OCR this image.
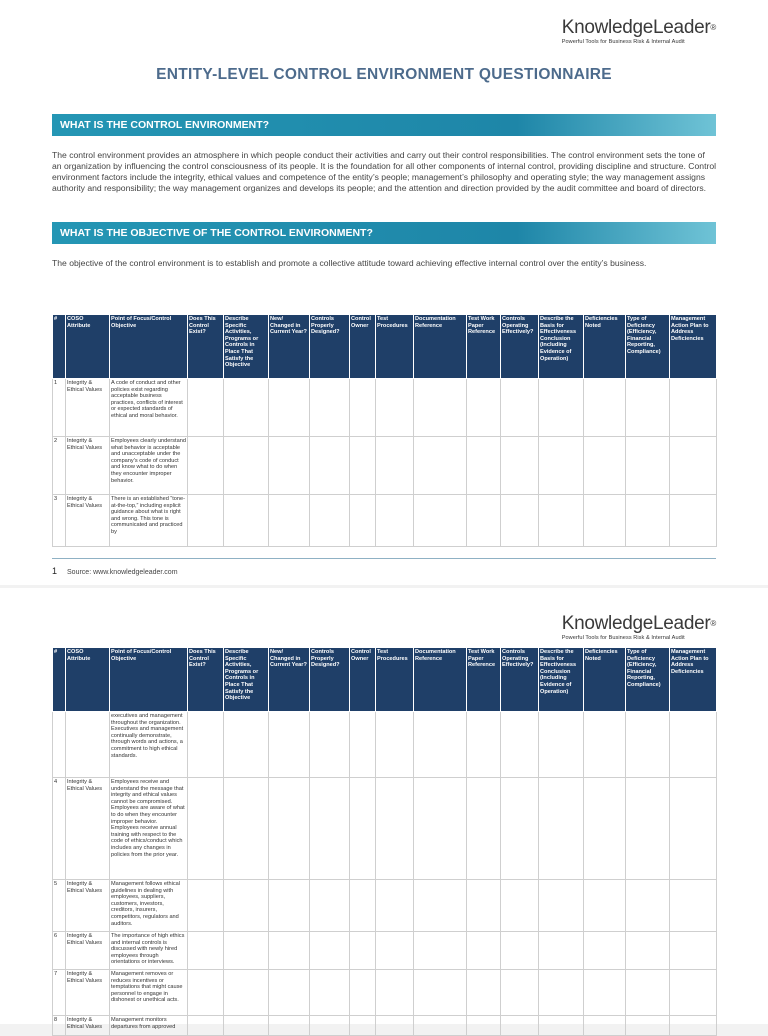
KnowledgeLeader®
Powerful Tools for Business Risk & Internal Audit
ENTITY-LEVEL CONTROL ENVIRONMENT QUESTIONNAIRE
WHAT IS THE CONTROL ENVIRONMENT?

The control environment provides an atmosphere in which people conduct their activities and carry out their control responsibilities. The control environment sets the tone of an organization by influencing the control consciousness of its people. It is the foundation for all other components of internal control, providing discipline and structure. Control environment factors include the integrity, ethical values and competence of the entity’s people; management’s philosophy and operating style; the way management assigns authority and responsibility; the way management organizes and develops its people; and the attention and direction provided by the audit committee and board of directors.

WHAT IS THE OBJECTIVE OF THE CONTROL ENVIRONMENT?

The objective of the control environment is to establish and promote a collective attitude toward achieving effective internal control over the entity’s business.

#	COSO Attribute	Point of Focus/Control Objective	Does This Control Exist?	Describe Specific Activities, Programs or Controls in Place That Satisfy the Objective	New/ Changed in Current Year?	Controls Properly Designed?	Control Owner	Test Procedures	Documentation Reference	Test Work Paper Reference	Controls Operating Effectively?	Describe the Basis for Effectiveness Conclusion (Including Evidence of Operation)	Deficiencies Noted	Type of Deficiency (Efficiency, Financial Reporting, Compliance)	Management Action Plan to Address Deficiencies
1	Integrity & Ethical Values	A code of conduct and other policies exist regarding acceptable business practices, conflicts of interest or expected standards of ethical and moral behavior.													
2	Integrity & Ethical Values	Employees clearly understand what behavior is acceptable and unacceptable under the company’s code of conduct and know what to do when they encounter improper behavior.													
3	Integrity & Ethical Values	There is an established “tone-at-the-top,” including explicit guidance about what is right and wrong. This tone is communicated and practiced by													
1 Source: www.knowledgeleader.com
KnowledgeLeader®
Powerful Tools for Business Risk & Internal Audit
#	COSO Attribute	Point of Focus/Control Objective	Does This Control Exist?	Describe Specific Activities, Programs or Controls in Place That Satisfy the Objective	New/ Changed in Current Year?	Controls Properly Designed?	Control Owner	Test Procedures	Documentation Reference	Test Work Paper Reference	Controls Operating Effectively?	Describe the Basis for Effectiveness Conclusion (Including Evidence of Operation)	Deficiencies Noted	Type of Deficiency (Efficiency, Financial Reporting, Compliance)	Management Action Plan to Address Deficiencies
		executives and management throughout the organization. Executives and management continually demonstrate, through words and actions, a commitment to high ethical standards.													
4	Integrity & Ethical Values	Employees receive and understand the message that integrity and ethical values cannot be compromised. Employees are aware of what to do when they encounter improper behavior. Employees receive annual training with respect to the code of ethics/conduct which includes any changes in policies from the prior year.													
5	Integrity & Ethical Values	Management follows ethical guidelines in dealing with employees, suppliers, customers, investors, creditors, insurers, competitors, regulators and auditors.													
6	Integrity & Ethical Values	The importance of high ethics and internal controls is discussed with newly hired employees through orientations or interviews.													
7	Integrity & Ethical Values	Management removes or reduces incentives or temptations that might cause personnel to engage in dishonest or unethical acts.													
8	Integrity & Ethical Values	Management monitors departures from approved													
